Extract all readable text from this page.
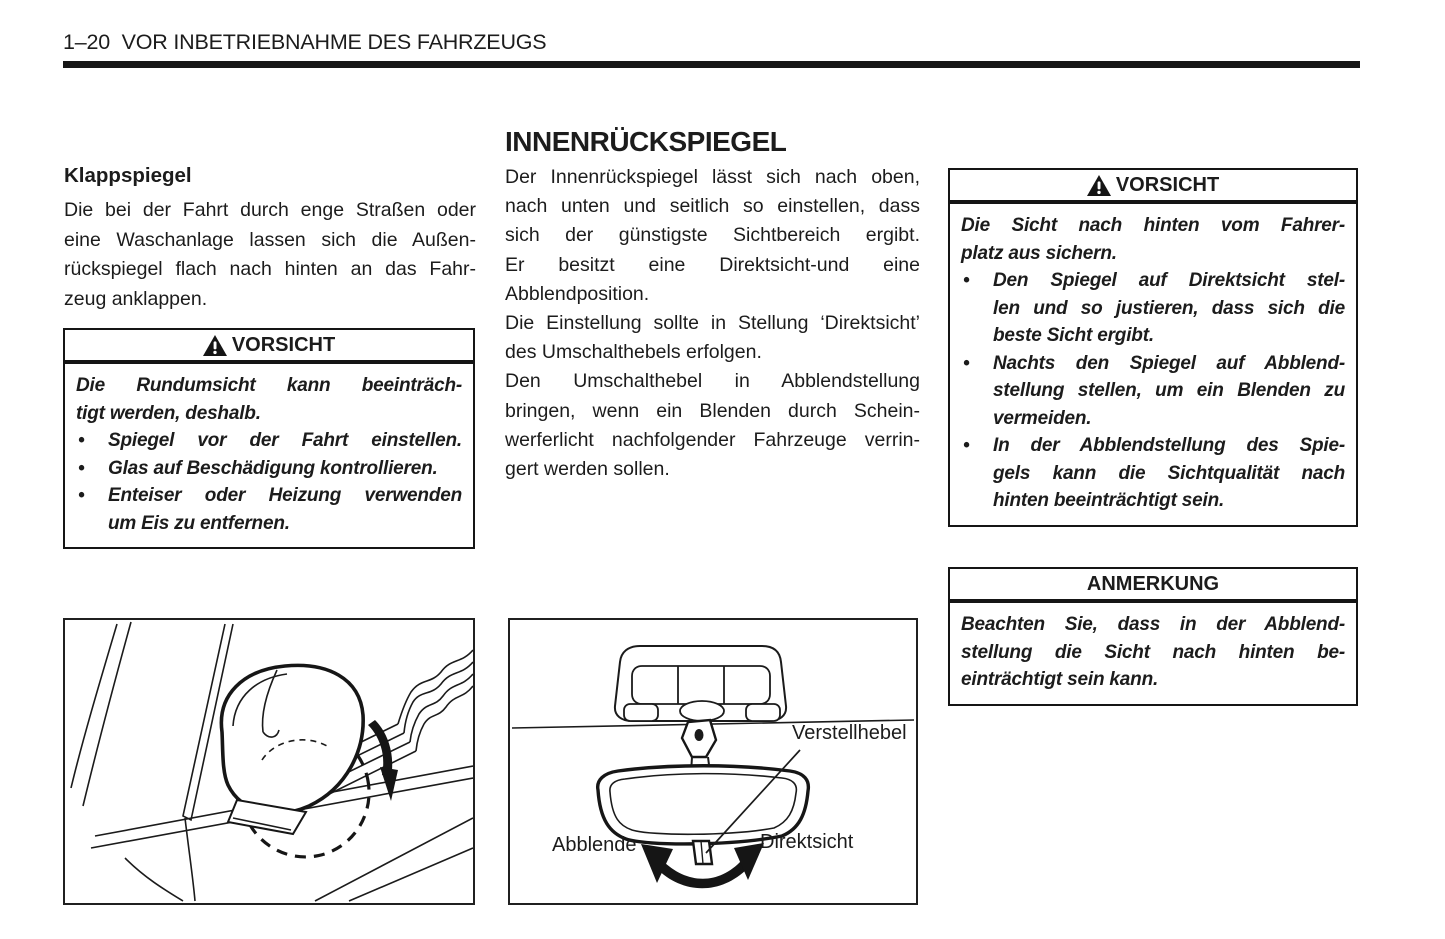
1–20  VOR INBETRIEBNAHME DES FAHRZEUGS
Klappspiegel
Die bei der Fahrt durch enge Straßen oder
eine Waschanlage lassen sich die Außen-
rückspiegel flach nach hinten an das Fahr-
zeug anklappen.
VORSICHT
Die Rundumsicht kann beeinträch-
tigt werden, deshalb.
•	Spiegel vor der Fahrt einstellen.
•	Glas auf Beschädigung kontrollieren.
•	Enteiser oder Heizung verwenden
um Eis zu entfernen.
INNENRÜCKSPIEGEL
Der Innenrückspiegel lässt sich nach oben,
nach unten und seitlich so einstellen, dass
sich der günstigste Sichtbereich ergibt.
Er besitzt eine Direktsicht-und eine
Abblendposition.
Die Einstellung sollte in Stellung ‘Direktsicht’
des Umschalthebels erfolgen.
Den Umschalthebel in Abblendstellung
bringen, wenn ein Blenden durch Schein-
werferlicht nachfolgender Fahrzeuge verrin-
gert werden sollen.
Verstellhebel
Abblende	Direktsicht
VORSICHT
Die Sicht nach hinten vom Fahrer-
platz aus sichern.
•	Den Spiegel auf Direktsicht stel-
len und so justieren, dass sich die
beste Sicht ergibt.
•	Nachts den Spiegel auf Abblend-
stellung stellen, um ein Blenden zu
vermeiden.
•	In der Abblendstellung des Spie-
gels kann die Sichtqualität nach
hinten beeinträchtigt sein.
ANMERKUNG
Beachten Sie, dass in der Abblend-
stellung die Sicht nach hinten be-
einträchtigt sein kann.
